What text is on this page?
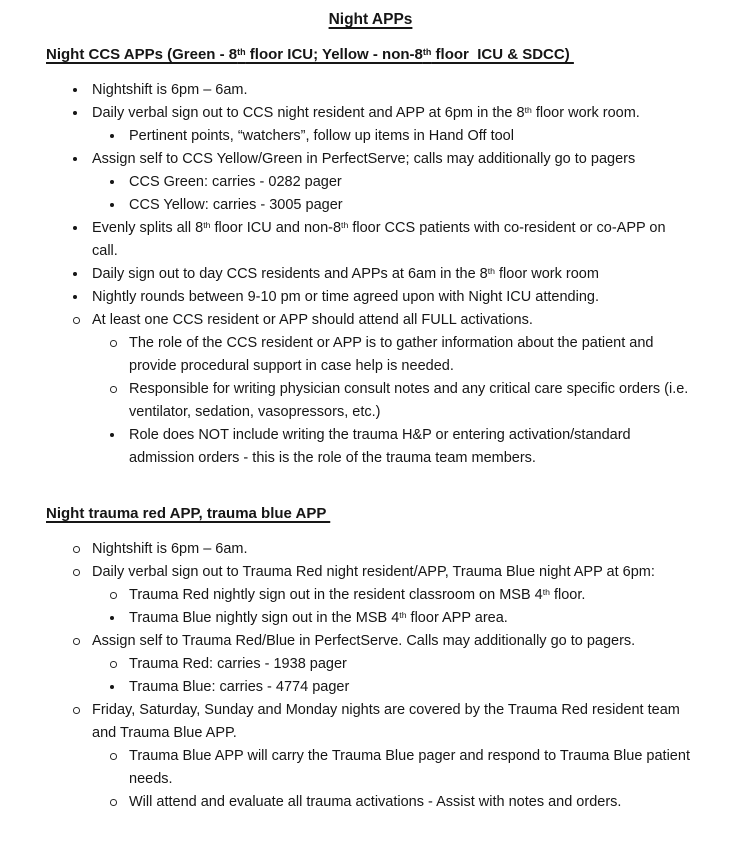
Night APPs
Night CCS APPs (Green - 8th floor ICU; Yellow - non-8th floor  ICU & SDCC)
Nightshift is 6pm – 6am.
Daily verbal sign out to CCS night resident and APP at 6pm in the 8th floor work room.
Pertinent points, “watchers”, follow up items in Hand Off tool
Assign self to CCS Yellow/Green in PerfectServe; calls may additionally go to pagers
CCS Green: carries - 0282 pager
CCS Yellow: carries - 3005 pager
Evenly splits all 8th floor ICU and non-8th floor CCS patients with co-resident or co-APP on call.
Daily sign out to day CCS residents and APPs at 6am in the 8th floor work room
Nightly rounds between 9-10 pm or time agreed upon with Night ICU attending.
At least one CCS resident or APP should attend all FULL activations.
The role of the CCS resident or APP is to gather information about the patient and provide procedural support in case help is needed.
Responsible for writing physician consult notes and any critical care specific orders (i.e. ventilator, sedation, vasopressors, etc.)
Role does NOT include writing the trauma H&P or entering activation/standard admission orders - this is the role of the trauma team members.
Night trauma red APP, trauma blue APP
Nightshift is 6pm – 6am.
Daily verbal sign out to Trauma Red night resident/APP, Trauma Blue night APP at 6pm:
Trauma Red nightly sign out in the resident classroom on MSB 4th floor.
Trauma Blue nightly sign out in the MSB 4th floor APP area.
Assign self to Trauma Red/Blue in PerfectServe. Calls may additionally go to pagers.
Trauma Red: carries - 1938 pager
Trauma Blue: carries - 4774 pager
Friday, Saturday, Sunday and Monday nights are covered by the Trauma Red resident team and Trauma Blue APP.
Trauma Blue APP will carry the Trauma Blue pager and respond to Trauma Blue patient needs.
Will attend and evaluate all trauma activations - Assist with notes and orders.
